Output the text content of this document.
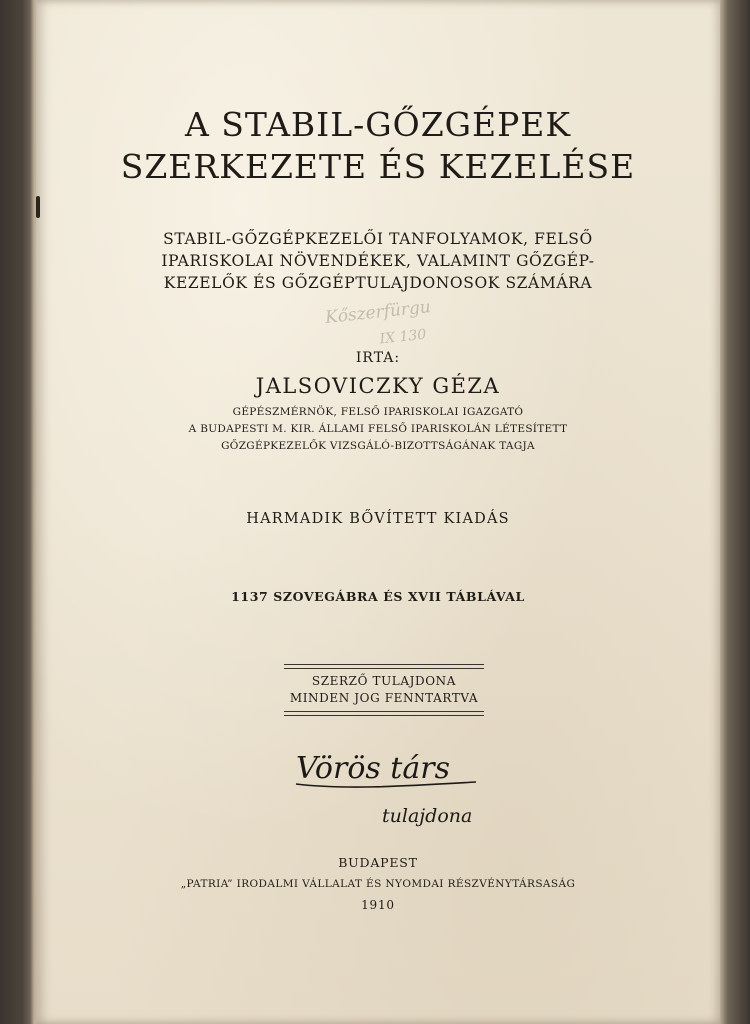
A STABIL-GŐZGÉPEK
SZERKEZETE ÉS KEZELÉSE

STABIL-GŐZGÉPKEZELŐI TANFOLYAMOK, FELSŐ

IPARISKOLAI NÖVENDÉKEK, VALAMINT GŐZGÉP-

KEZELŐK ÉS GŐZGÉPTULAJDONOSOK SZÁMÁRA

Kőszerfürgu
IX 130

IRTA:

JALSOVICZKY GÉZA

GÉPÉSZMÉRNÖK, FELSŐ IPARISKOLAI IGAZGATÓ

A BUDAPESTI M. KIR. ÁLLAMI FELSŐ IPARISKOLÁN LÉTESÍTETT

GŐZGÉPKEZELŐK VIZSGÁLÓ-BIZOTTSÁGÁNAK TAGJA

HARMADIK BŐVÍTETT KIADÁS

1137 SZOVEGÁBRA ÉS XVII TÁBLÁVAL

SZERZŐ TULAJDONA
MINDEN JOG FENNTARTVA
Vörös társ
tulajdona

BUDAPEST

„PATRIA” IRODALMI VÁLLALAT ÉS NYOMDAI RÉSZVÉNYTÁRSASÁG

1910
